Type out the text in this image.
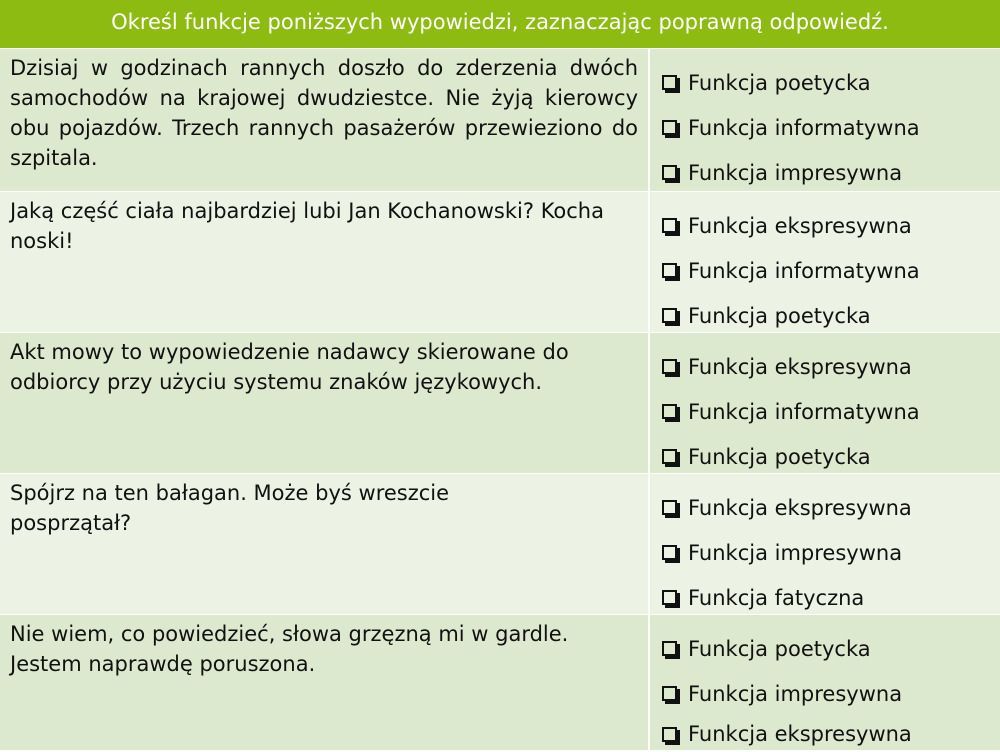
Określ funkcje poniższych wypowiedzi, zaznaczając poprawną odpowiedź.
Dzisiaj w godzinach rannych doszło do zderzenia dwóch samochodów na krajowej dwudziestce. Nie żyją kierowcy obu pojazdów. Trzech rannych pasażerów przewieziono do szpitala.
Funkcja poetycka
Funkcja informatywna
Funkcja impresywna
Jaką część ciała najbardziej lubi Jan Kochanowski? Kocha noski!
Funkcja ekspresywna
Funkcja informatywna
Funkcja poetycka
Akt mowy to wypowiedzenie nadawcy skierowane do odbiorcy przy użyciu systemu znaków językowych.
Funkcja ekspresywna
Funkcja informatywna
Funkcja poetycka
Spójrz na ten bałagan. Może byś wreszcie posprzątał?
Funkcja ekspresywna
Funkcja impresywna
Funkcja fatyczna
Nie wiem, co powiedzieć, słowa grzęzną mi w gardle. Jestem naprawdę poruszona.
Funkcja poetycka
Funkcja impresywna
Funkcja ekspresywna
